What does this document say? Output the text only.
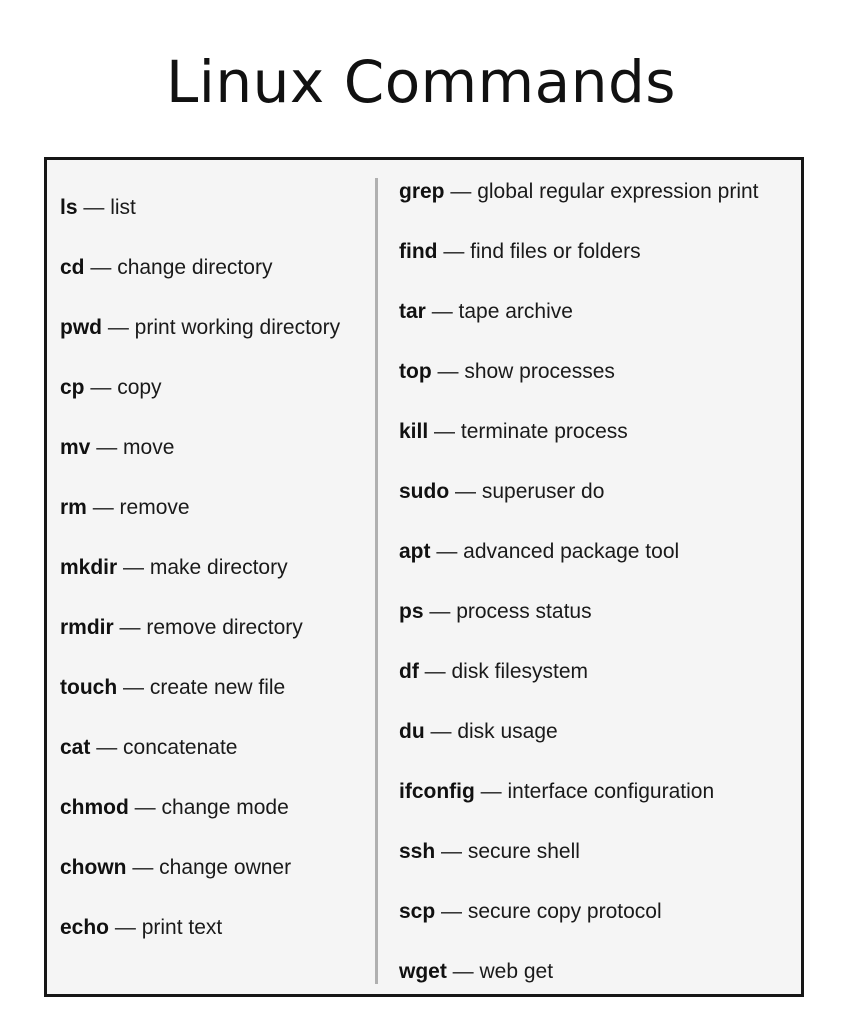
Linux Commands
ls — list
cd — change directory
pwd — print working directory
cp — copy
mv — move
rm — remove
mkdir — make directory
rmdir — remove directory
touch — create new file
cat — concatenate
chmod — change mode
chown — change owner
echo — print text
grep — global regular expression print
find — find files or folders
tar — tape archive
top — show processes
kill — terminate process
sudo — superuser do
apt — advanced package tool
ps — process status
df — disk filesystem
du — disk usage
ifconfig — interface configuration
ssh — secure shell
scp — secure copy protocol
wget — web get
